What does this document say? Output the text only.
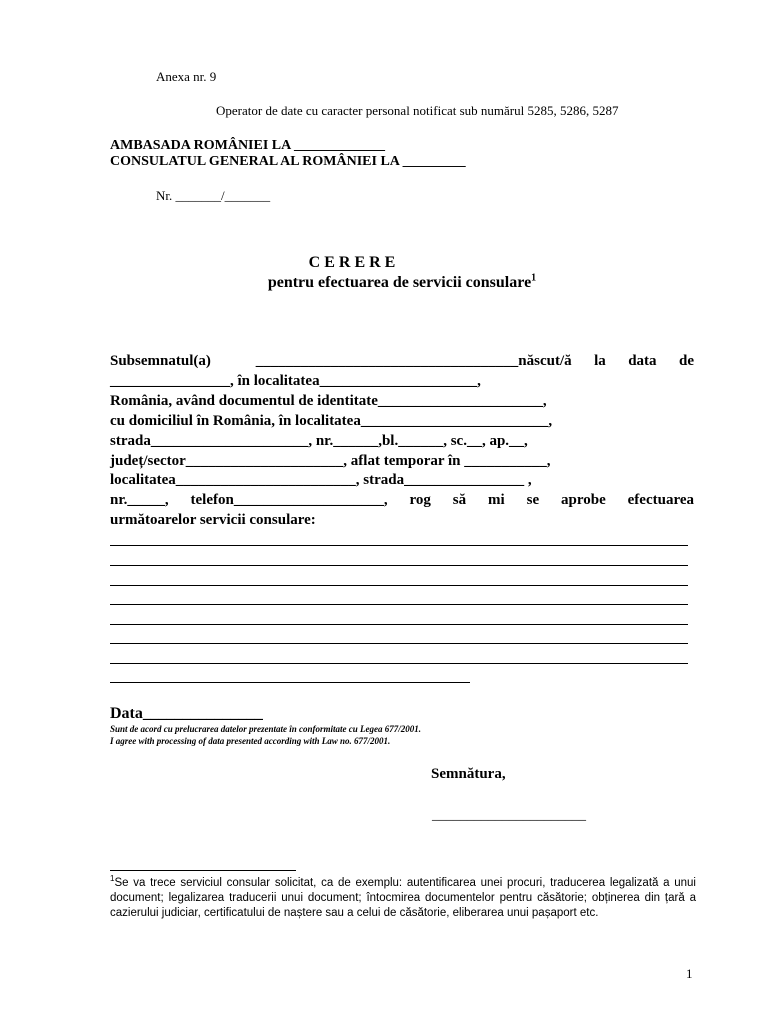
Anexa nr. 9
Operator de date cu caracter personal notificat sub numărul 5285, 5286, 5287
AMBASADA ROMÂNIEI LA _____________
CONSULATUL GENERAL AL ROMÂNIEI LA _________
Nr. _______/_______
C E R E R E
pentru efectuarea de servicii consulare$^1$
Subsemnatul(a)  ___________________________________născut/ă la data de
________________, în localitatea_____________________,
România, având documentul de identitate______________________,
cu domiciliul în România, în localitatea_________________________,
strada_____________________, nr.______,bl.______, sc.__, ap.__,
județ/sector_____________________, aflat temporar în ___________,
localitatea________________________, strada________________ ,
nr._____, telefon____________________, rog să mi se aprobe efectuarea
următoarelor servicii consulare:
Data_______________
Sunt de acord cu prelucrarea datelor prezentate în conformitate cu Legea 677/2001.
I agree with processing of data presented according with Law no. 677/2001.
Semnătura,
______________________
$^1$Se va trece serviciul consular solicitat, ca de exemplu: autentificarea unei procuri, traducerea legalizată a unui document; legalizarea traducerii unui document; întocmirea documentelor pentru căsătorie; obținerea din țară a cazierului judiciar, certificatului de naștere sau a celui de căsătorie, eliberarea unui pașaport etc.
1
